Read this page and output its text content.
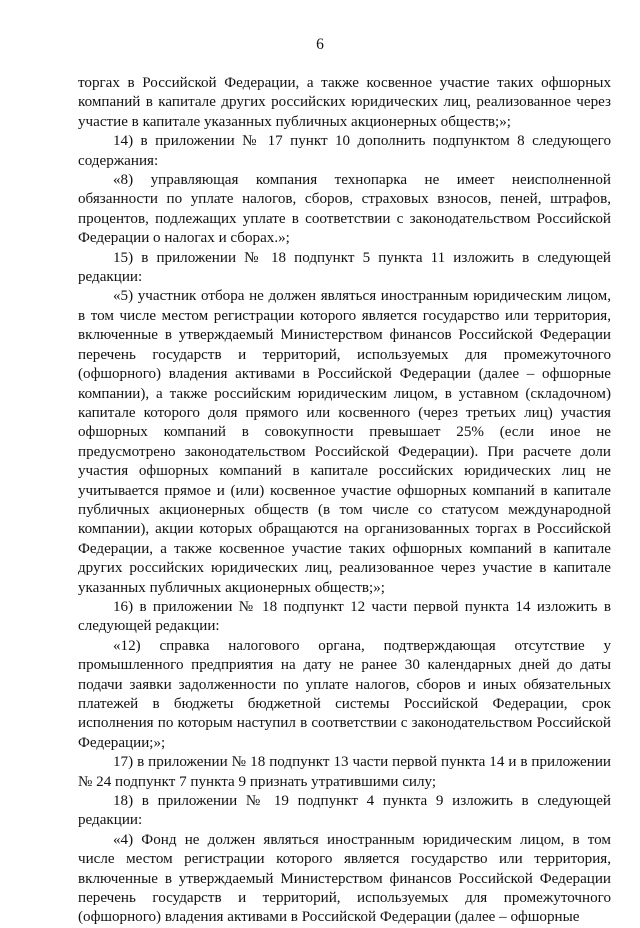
6

торгах в Российской Федерации, а также косвенное участие таких офшорных компаний в капитале других российских юридических лиц, реализованное через участие в капитале указанных публичных акционерных обществ;»;

14) в приложении № 17 пункт 10 дополнить подпунктом 8 следующего содержания:

«8) управляющая компания технопарка не имеет неисполненной обязанности по уплате налогов, сборов, страховых взносов, пеней, штрафов, процентов, подлежащих уплате в соответствии с законодательством Российской Федерации о налогах и сборах.»;

15) в приложении № 18 подпункт 5 пункта 11 изложить в следующей редакции:

«5) участник отбора не должен являться иностранным юридическим лицом, в том числе местом регистрации которого является государство или территория, включенные в утверждаемый Министерством финансов Российской Федерации перечень государств и территорий, используемых для промежуточного (офшорного) владения активами в Российской Федерации (далее – офшорные компании), а также российским юридическим лицом, в уставном (складочном) капитале которого доля прямого или косвенного (через третьих лиц) участия офшорных компаний в совокупности превышает 25% (если иное не предусмотрено законодательством Российской Федерации). При расчете доли участия офшорных компаний в капитале российских юридических лиц не учитывается прямое и (или) косвенное участие офшорных компаний в капитале публичных акционерных обществ (в том числе со статусом международной компании), акции которых обращаются на организованных торгах в Российской Федерации, а также косвенное участие таких офшорных компаний в капитале других российских юридических лиц, реализованное через участие в капитале указанных публичных акционерных обществ;»;

16) в приложении № 18 подпункт 12 части первой пункта 14 изложить в следующей редакции:

«12) справка налогового органа, подтверждающая отсутствие у промышленного предприятия на дату не ранее 30 календарных дней до даты подачи заявки задолженности по уплате налогов, сборов и иных обязательных платежей в бюджеты бюджетной системы Российской Федерации, срок исполнения по которым наступил в соответствии с законодательством Российской Федерации;»;

17) в приложении № 18 подпункт 13 части первой пункта 14 и в приложении № 24 подпункт 7 пункта 9 признать утратившими силу;

18) в приложении № 19 подпункт 4 пункта 9 изложить в следующей редакции:

«4) Фонд не должен являться иностранным юридическим лицом, в том числе местом регистрации которого является государство или территория, включенные в утверждаемый Министерством финансов Российской Федерации перечень государств и территорий, используемых для промежуточного (офшорного) владения активами в Российской Федерации (далее – офшорные
